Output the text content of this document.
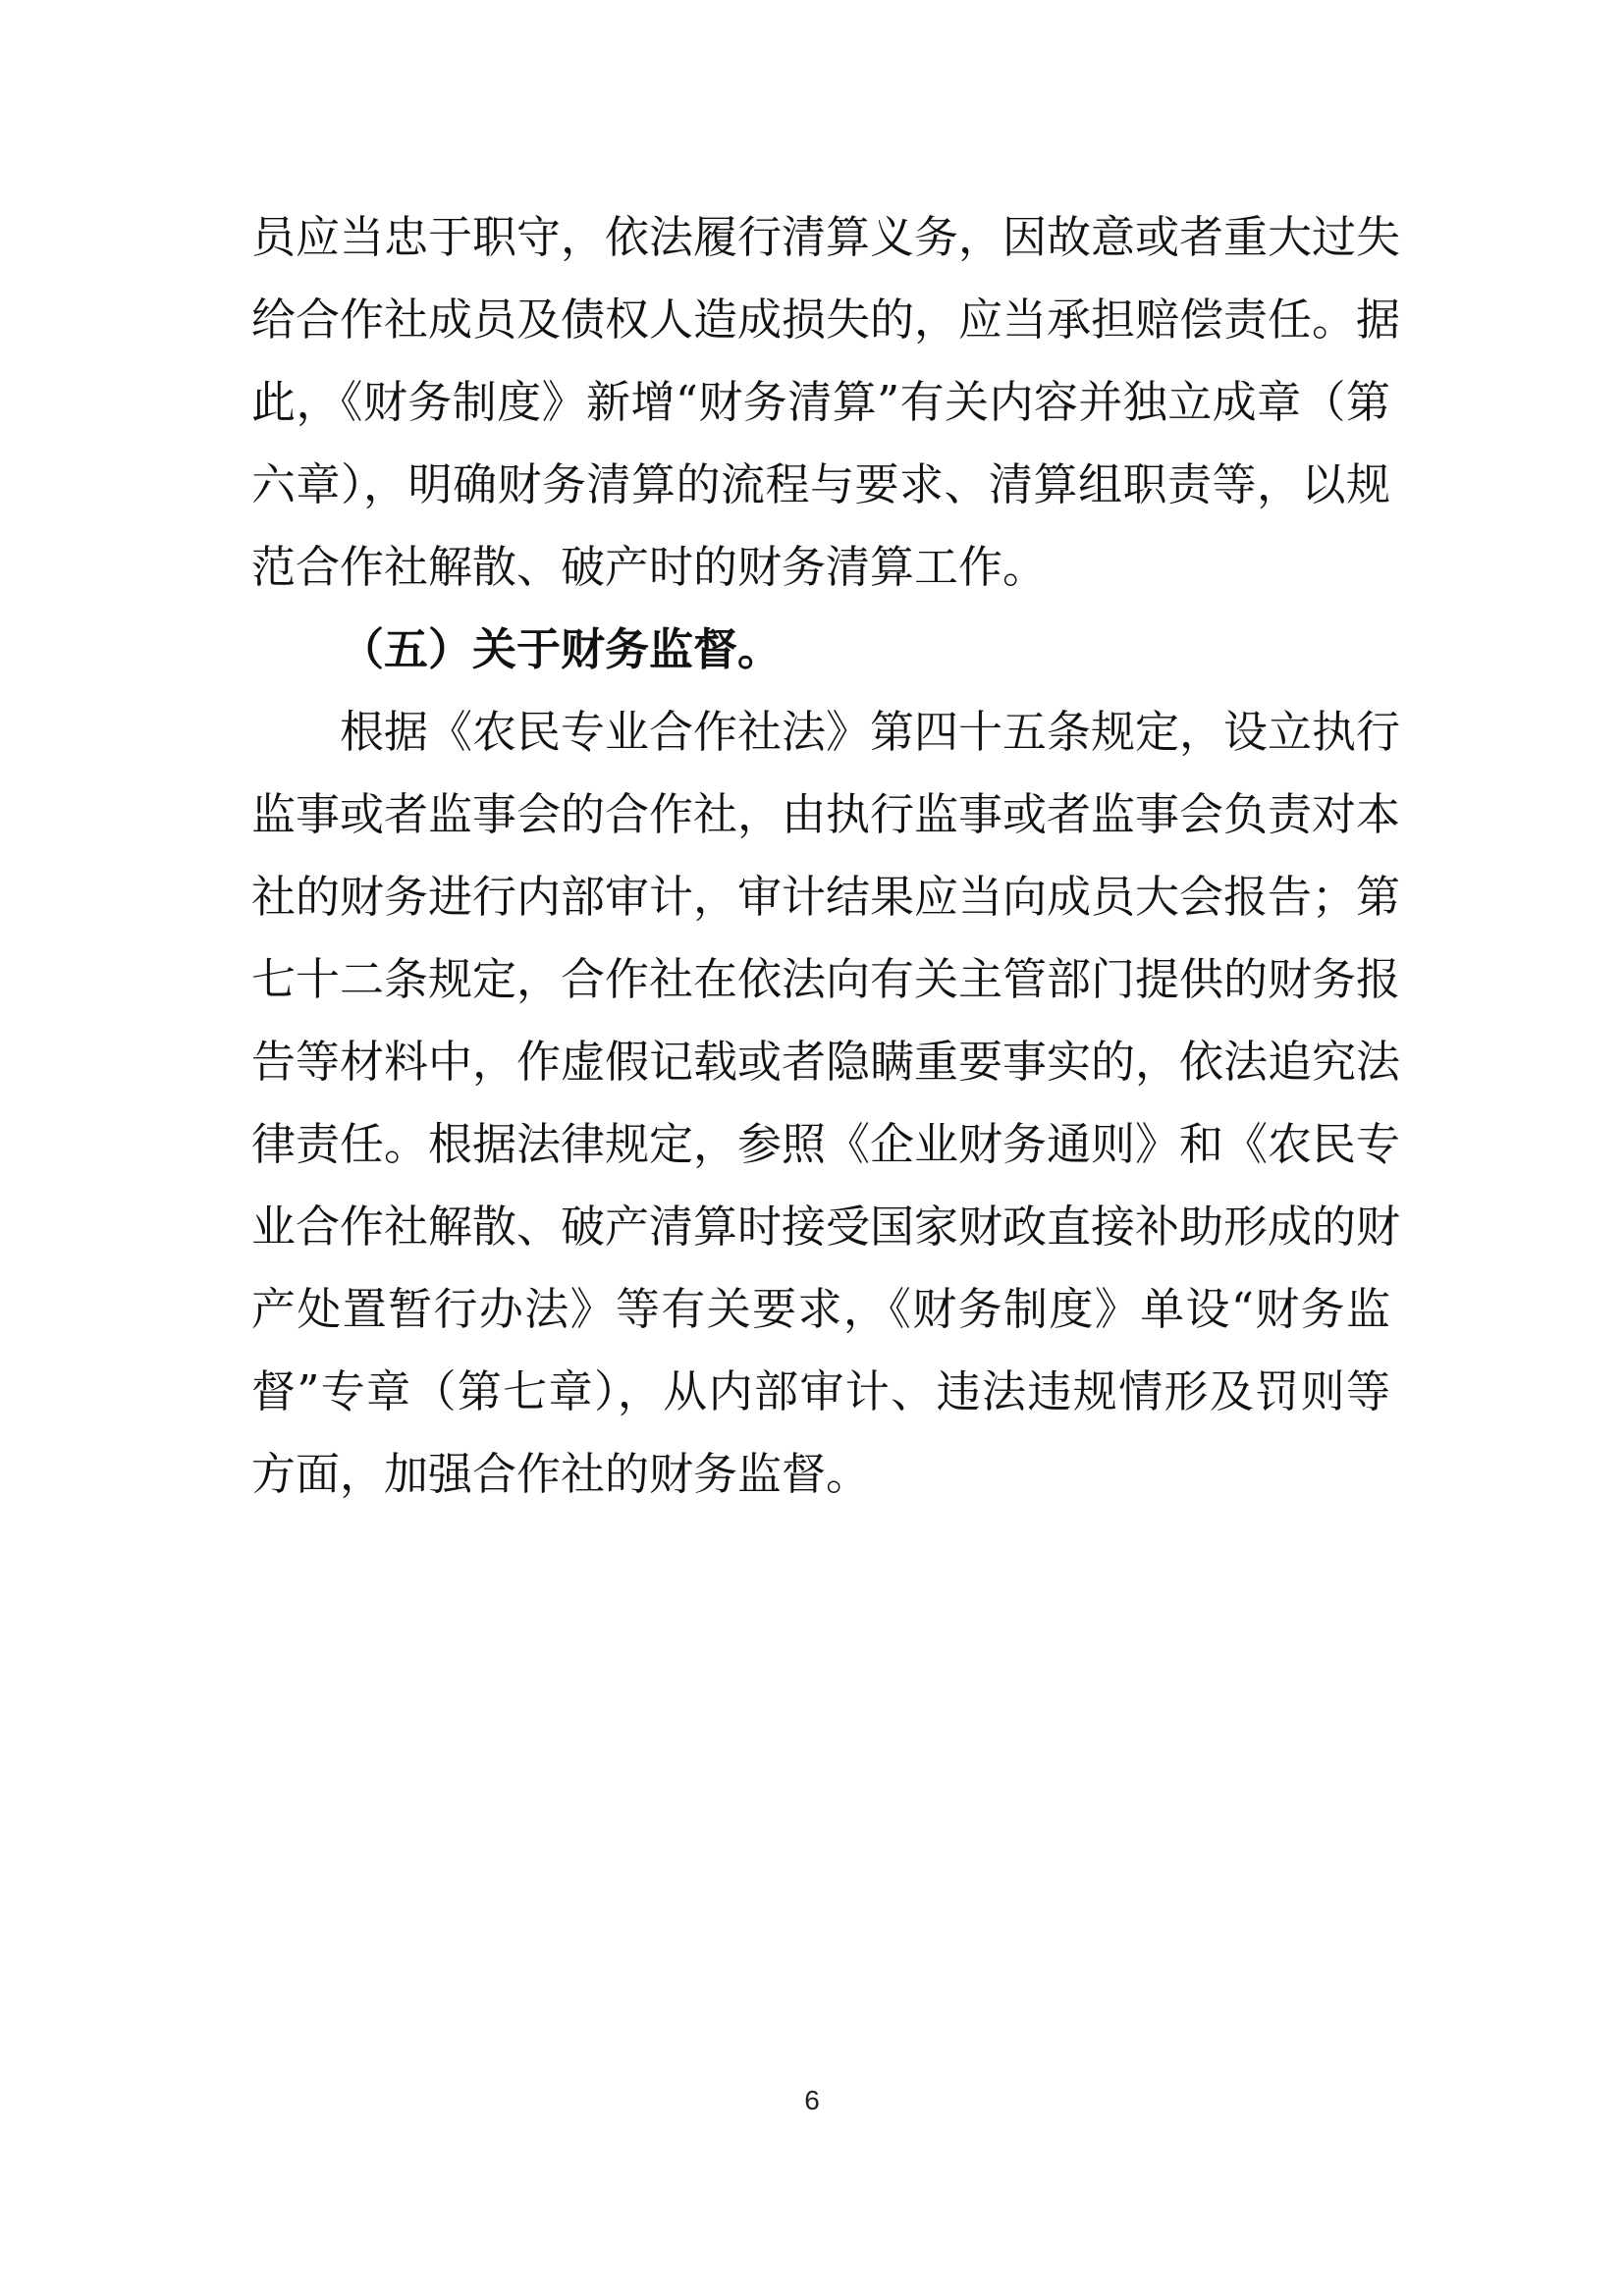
员应当忠于职守，依法履行清算义务，因故意或者重大过失
给合作社成员及债权人造成损失的，应当承担赔偿责任。据
此，《财务制度》新增“财务清算”有关内容并独立成章（第
六章），明确财务清算的流程与要求、清算组职责等，以规
范合作社解散、破产时的财务清算工作。
（五）关于财务监督。
根据《农民专业合作社法》第四十五条规定，设立执行
监事或者监事会的合作社，由执行监事或者监事会负责对本
社的财务进行内部审计，审计结果应当向成员大会报告；第
七十二条规定，合作社在依法向有关主管部门提供的财务报
告等材料中，作虚假记载或者隐瞒重要事实的，依法追究法
律责任。根据法律规定，参照《企业财务通则》和《农民专
业合作社解散、破产清算时接受国家财政直接补助形成的财
产处置暂行办法》等有关要求，《财务制度》单设“财务监
督”专章（第七章），从内部审计、违法违规情形及罚则等
方面，加强合作社的财务监督。
6
